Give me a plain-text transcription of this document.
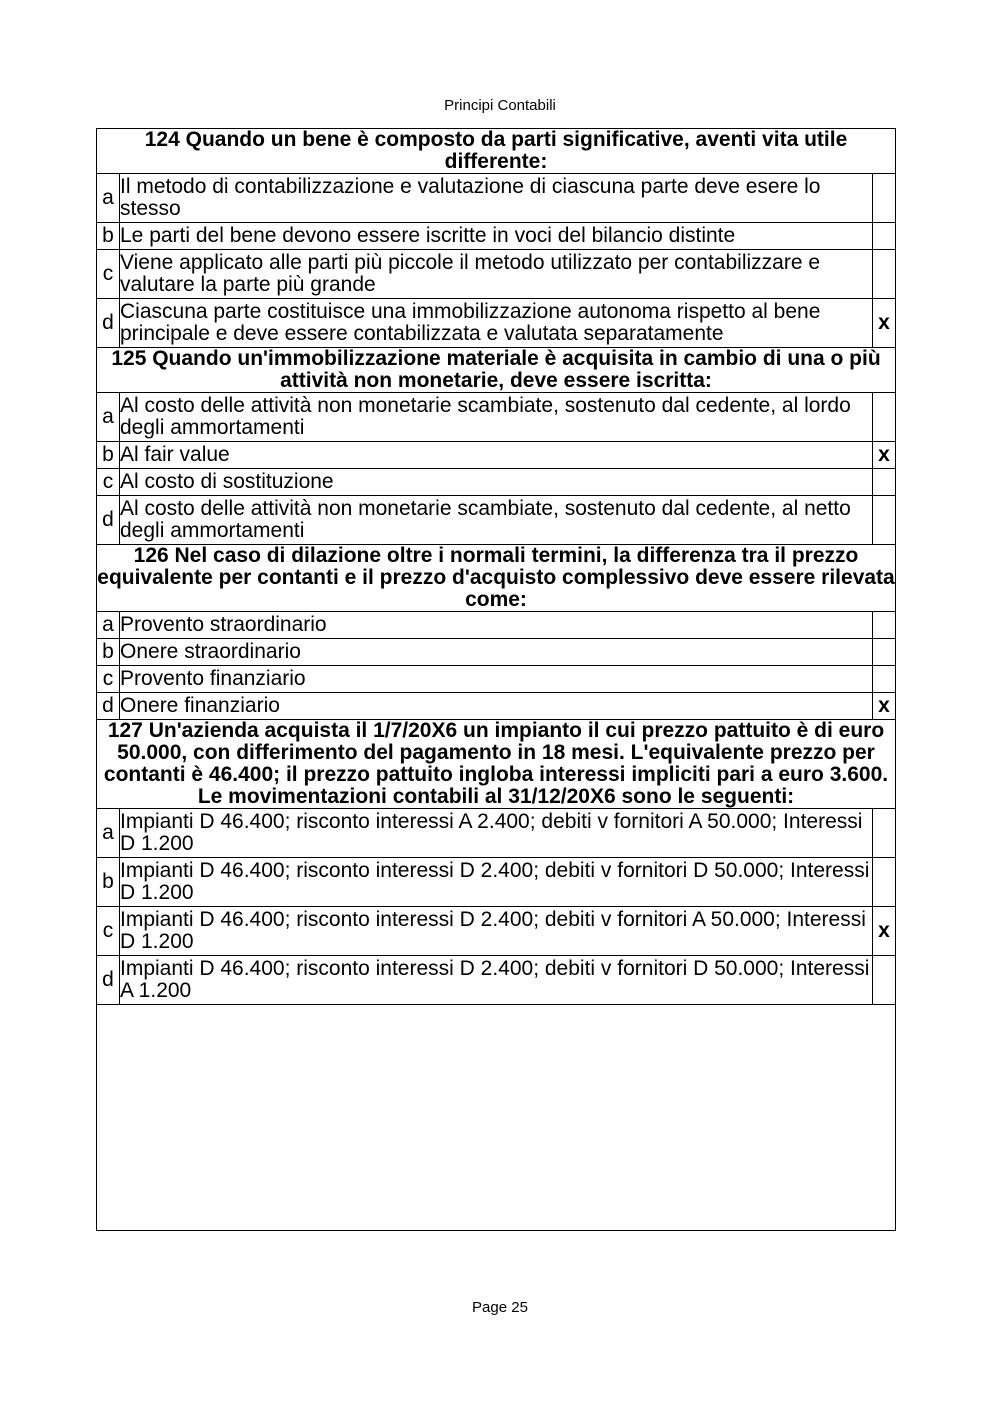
Principi Contabili
124 Quando un bene è composto da parti significative, aventi vita utile differente:		
a	Il metodo di contabilizzazione e valutazione di ciascuna parte deve esere lo stesso	
b	Le parti del bene devono essere iscritte in voci del bilancio distinte	
c	Viene applicato alle parti più piccole il metodo utilizzato per contabilizzare e valutare la parte più grande	
d	Ciascuna parte costituisce una immobilizzazione autonoma rispetto al bene principale e deve essere contabilizzata e valutata separatamente	x
125 Quando un'immobilizzazione materiale è acquisita in cambio di una o più attività non monetarie, deve essere iscritta:		
a	Al costo delle attività non monetarie scambiate, sostenuto dal cedente, al lordo degli ammortamenti	
b	Al fair value	x
c	Al costo di sostituzione	
d	Al costo delle attività non monetarie scambiate, sostenuto dal cedente, al netto degli ammortamenti	
126 Nel caso di dilazione oltre i normali termini, la differenza tra il prezzo equivalente per contanti e il prezzo d'acquisto complessivo deve essere rilevata come:		
a	Provento straordinario	
b	Onere straordinario	
c	Provento finanziario	
d	Onere finanziario	x
127 Un'azienda acquista il 1/7/20X6 un impianto il cui prezzo pattuito è di euro 50.000, con differimento del pagamento in 18 mesi. L'equivalente prezzo per contanti è 46.400; il prezzo pattuito ingloba interessi impliciti pari a euro 3.600. Le movimentazioni contabili al 31/12/20X6 sono le seguenti:		
a	Impianti D 46.400; risconto interessi A 2.400; debiti v fornitori A 50.000; Interessi D 1.200	
b	Impianti D 46.400; risconto interessi D 2.400; debiti v fornitori D 50.000; Interessi D 1.200	
c	Impianti D 46.400; risconto interessi D 2.400; debiti v fornitori A 50.000; Interessi D 1.200	x
d	Impianti D 46.400; risconto interessi D 2.400; debiti v fornitori D 50.000; Interessi A 1.200	
Page 25
